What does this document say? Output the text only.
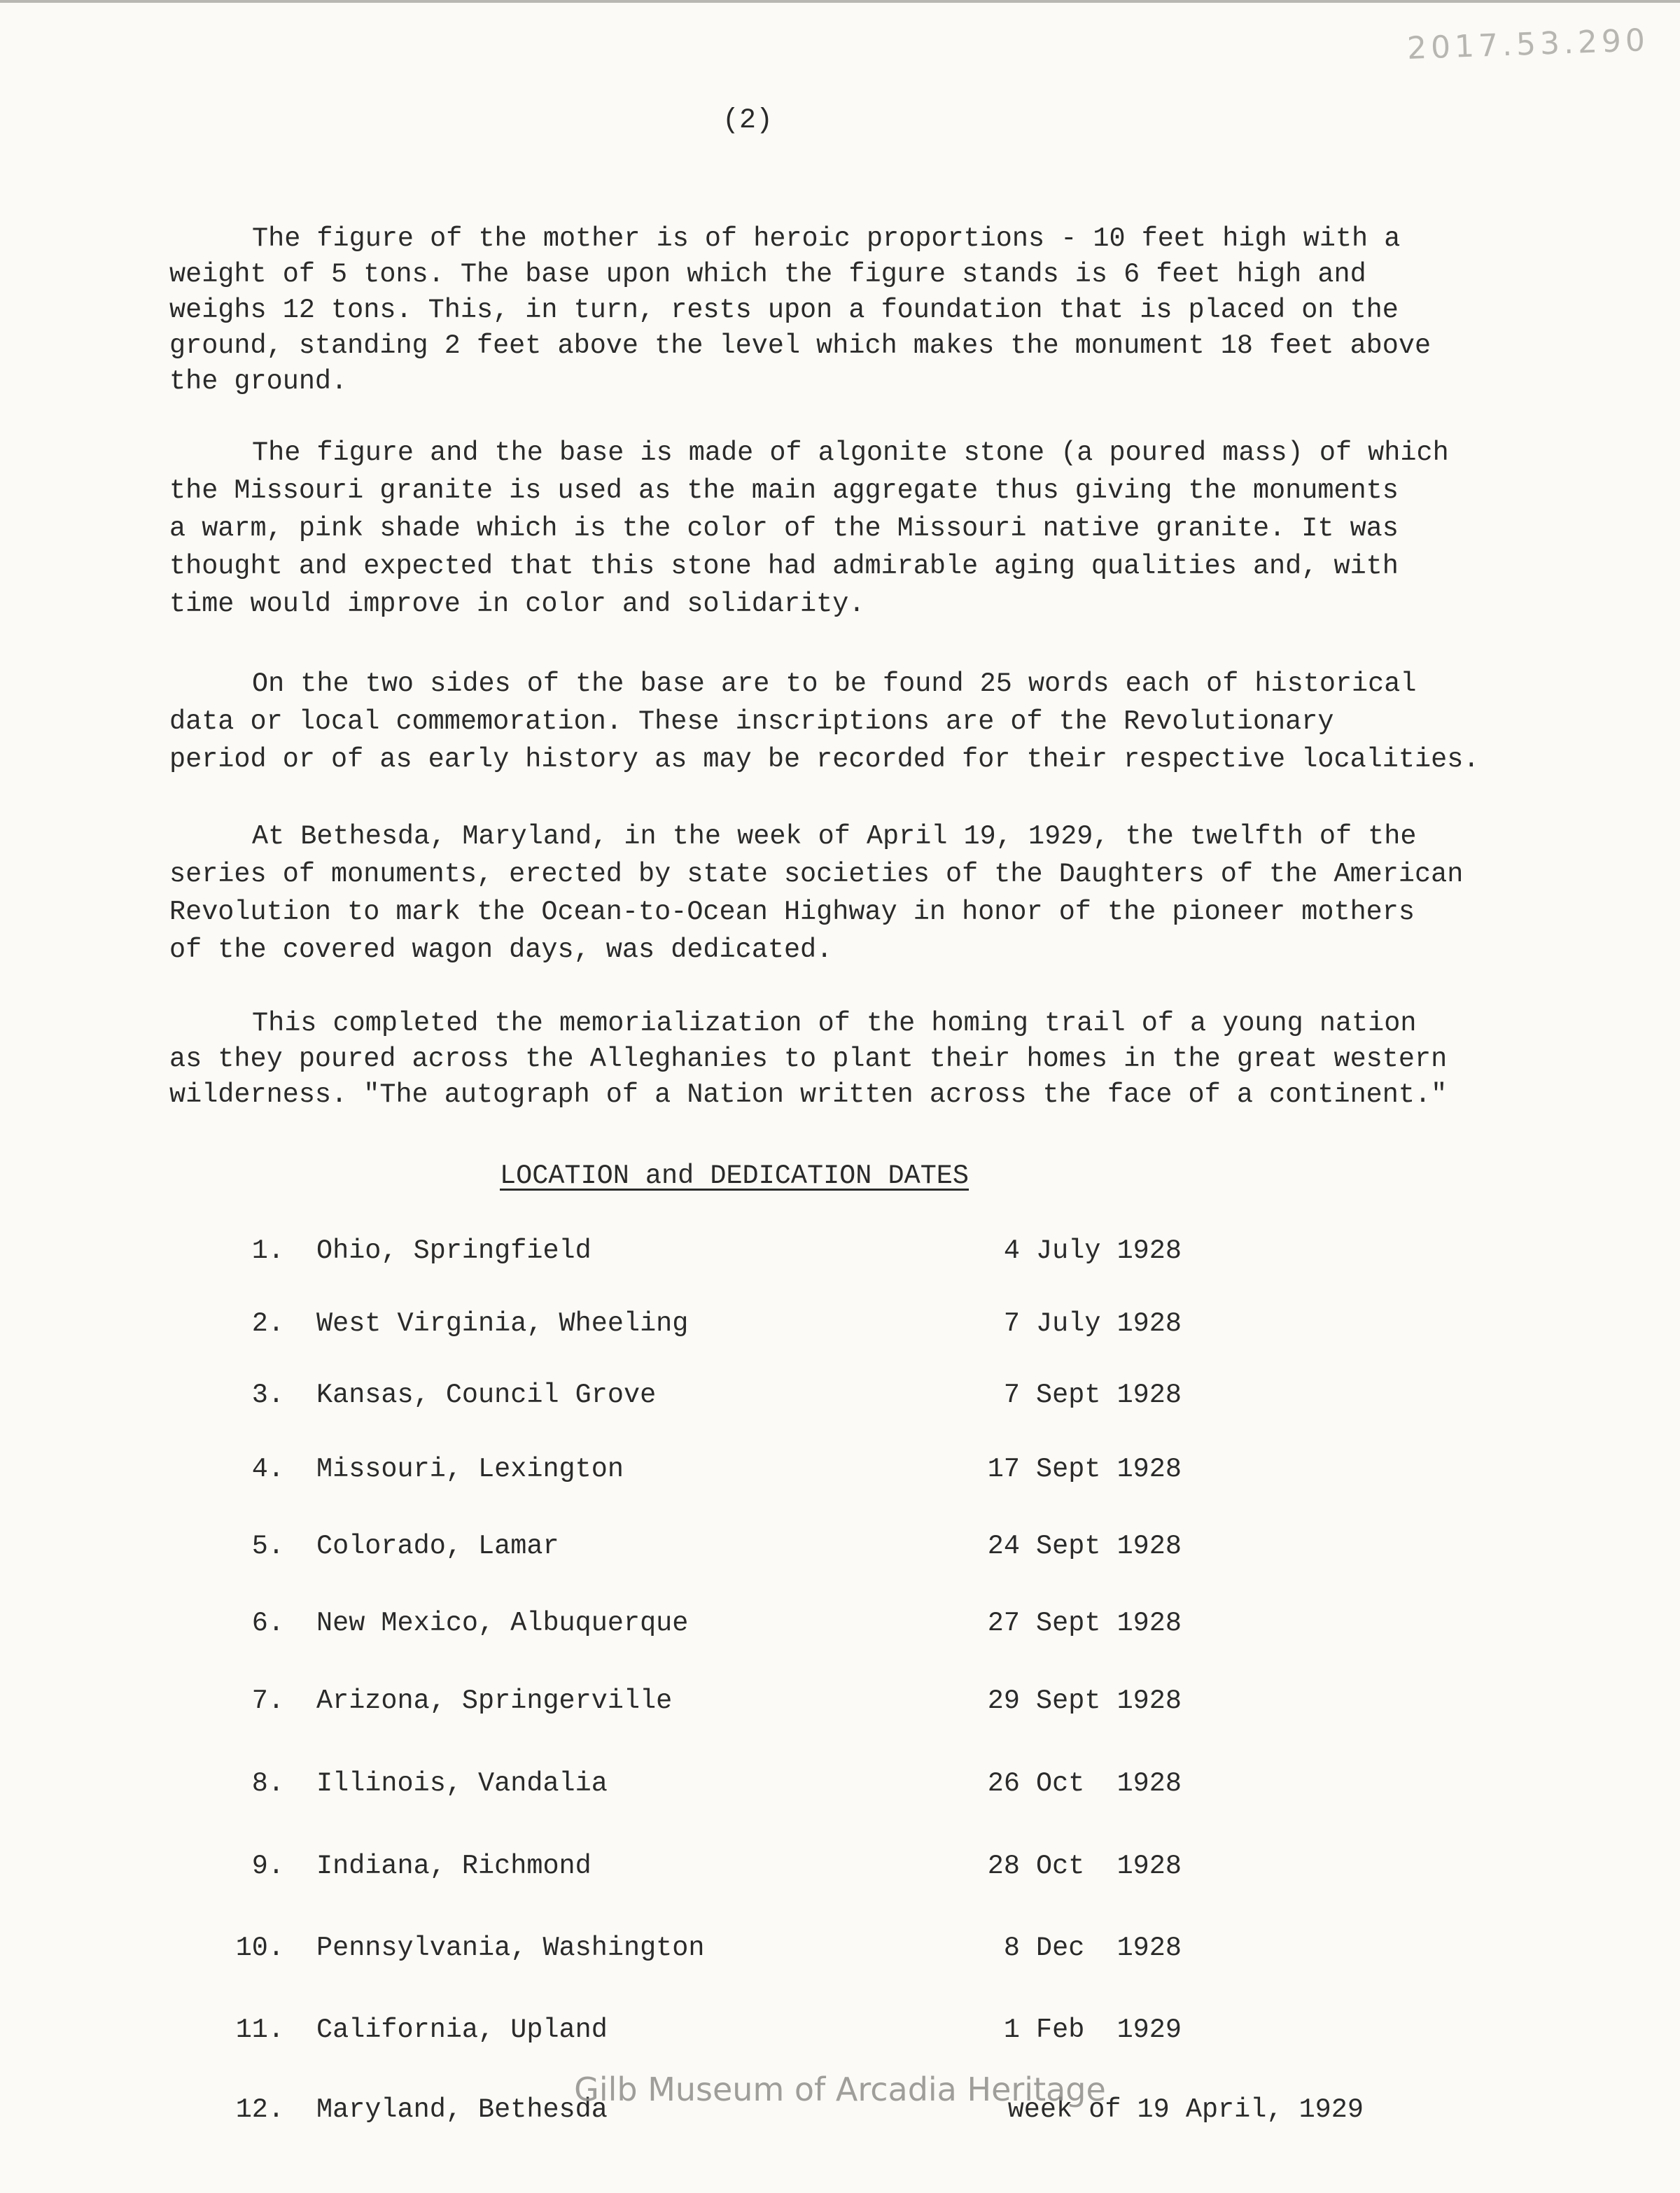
2017.53.290
(2)

The figure of the mother is of heroic proportions - 10 feet high with a
weight of 5 tons. The base upon which the figure stands is 6 feet high and
weighs 12 tons. This, in turn, rests upon a foundation that is placed on the
ground, standing 2 feet above the level which makes the monument 18 feet above
the ground.

The figure and the base is made of algonite stone (a poured mass) of which
the Missouri granite is used as the main aggregate thus giving the monuments
a warm, pink shade which is the color of the Missouri native granite. It was
thought and expected that this stone had admirable aging qualities and, with
time would improve in color and solidarity.

On the two sides of the base are to be found 25 words each of historical
data or local commemoration. These inscriptions are of the Revolutionary
period or of as early history as may be recorded for their respective localities.

At Bethesda, Maryland, in the week of April 19, 1929, the twelfth of the
series of monuments, erected by state societies of the Daughters of the American
Revolution to mark the Ocean-to-Ocean Highway in honor of the pioneer mothers
of the covered wagon days, was dedicated.

This completed the memorialization of the homing trail of a young nation
as they poured across the Alleghanies to plant their homes in the great western
wilderness. "The autograph of a Nation written across the face of a continent."

LOCATION and DEDICATION DATES
1. Ohio, Springfield	4 July 1928
2. West Virginia, Wheeling	7 July 1928
3. Kansas, Council Grove	7 Sept 1928
4. Missouri, Lexington	17 Sept 1928
5. Colorado, Lamar	24 Sept 1928
6. New Mexico, Albuquerque	27 Sept 1928
7. Arizona, Springerville	29 Sept 1928
8. Illinois, Vandalia	26 Oct  1928
9. Indiana, Richmond	28 Oct  1928
10. Pennsylvania, Washington	8 Dec  1928
11. California, Upland	1 Feb  1929
12. Maryland, Bethesda	week of 19 April, 1929
Gilb Museum of Arcadia Heritage
